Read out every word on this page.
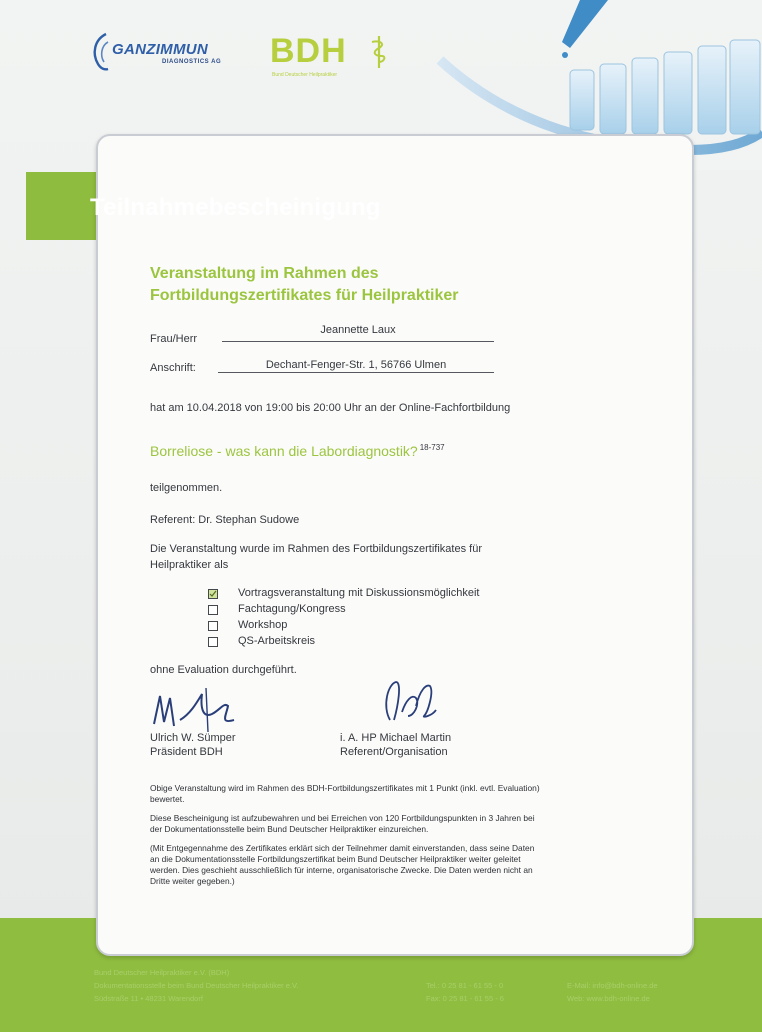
GANZIMMUN
DIAGNOSTICS AG BDH
Bund Deutscher Heilpraktiker
Bund Deutscher Heilpraktiker e.V. (BDH)
Dokumentationsstelle beim Bund Deutscher Heilpraktiker e.V.
Südstraße 11 • 48231 Warendorf
Tel.: 0 25 81 - 61 55 - 0
Fax: 0 25 81 - 61 55 - 6
E-Mail: info@bdh-online.de
Web: www.bdh-online.de
Teilnahmebescheinigung
Veranstaltung im Rahmen des
Fortbildungszertifikates für Heilpraktiker
Frau/Herr
Jeannette Laux
Anschrift:	Dechant-Fenger-Str. 1, 56766 Ulmen
hat am 10.04.2018 von 19:00 bis 20:00 Uhr an der Online-Fachfortbildung
Borreliose - was kann die Labordiagnostik? $^{18-737}$
teilgenommen.
Referent: Dr. Stephan Sudowe
Die Veranstaltung wurde im Rahmen des Fortbildungszertifikates für
Heilpraktiker als
Vortragsveranstaltung mit Diskussionsmöglichkeit
Fachtagung/Kongress
Workshop
QS-Arbeitskreis
ohne Evaluation durchgeführt.
Ulrich W. Sümper
Präsident BDH
i. A. HP Michael Martin
Referent/Organisation
Obige Veranstaltung wird im Rahmen des BDH-Fortbildungszertifikates mit 1 Punkt (inkl. evtl. Evaluation)
bewertet.
Diese Bescheinigung ist aufzubewahren und bei Erreichen von 120 Fortbildungspunkten in 3 Jahren bei
der Dokumentationsstelle beim Bund Deutscher Heilpraktiker einzureichen.
(Mit Entgegennahme des Zertifikates erklärt sich der Teilnehmer damit einverstanden, dass seine Daten
an die Dokumentationsstelle Fortbildungszertifikat beim Bund Deutscher Heilpraktiker weiter geleitet
werden. Dies geschieht ausschließlich für interne, organisatorische Zwecke. Die Daten werden nicht an
Dritte weiter gegeben.)
